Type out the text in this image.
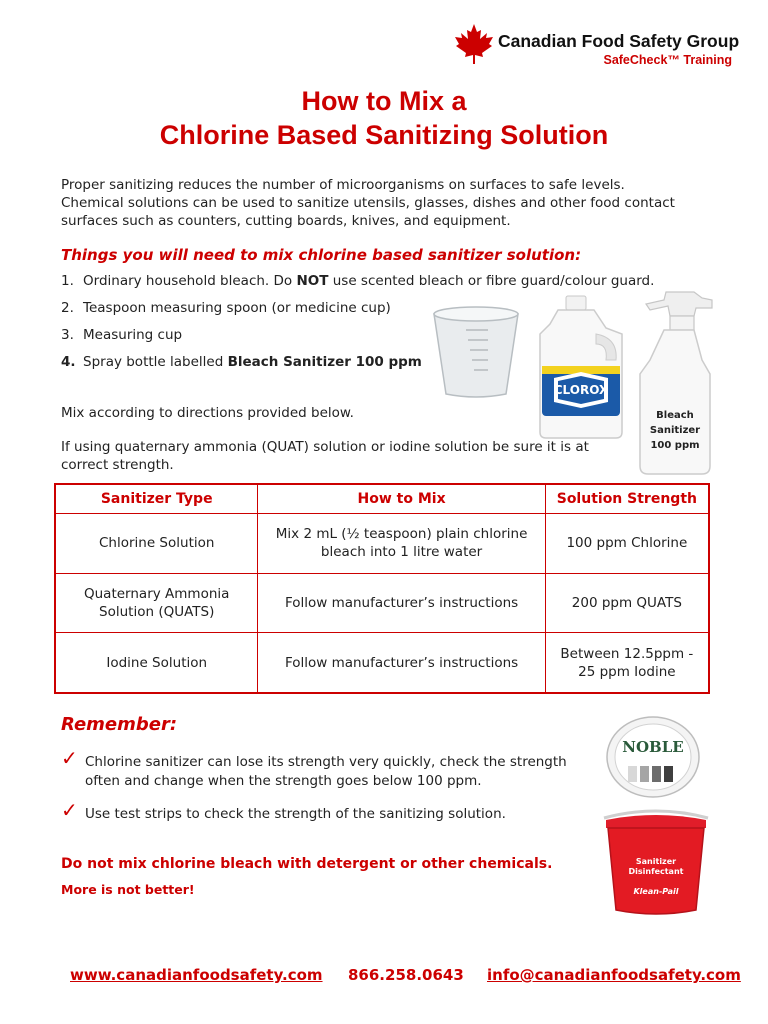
Canadian Food Safety Group
SafeCheck™ Training
How to Mix a
Chlorine Based Sanitizing Solution
Proper sanitizing reduces the number of microorganisms on surfaces to safe levels. Chemical solutions can be used to sanitize utensils, glasses, dishes and other food contact surfaces such as counters, cutting boards, knives, and equipment.
Things you will need to mix chlorine based sanitizer solution:
1. Ordinary household bleach. Do NOT use scented bleach or fibre guard/colour guard.
2. Teaspoon measuring spoon (or medicine cup)
3. Measuring cup
4. Spray bottle labelled Bleach Sanitizer 100 ppm
CLOROX
Bleach
Sanitizer
100 ppm
Mix according to directions provided below.
If using quaternary ammonia (QUAT) solution or iodine solution be sure it is at correct strength.
Sanitizer Type	How to Mix	Solution Strength
Chlorine Solution	Mix 2 mL (½ teaspoon) plain chlorine bleach into 1 litre water	100 ppm Chlorine
Quaternary Ammonia Solution (QUATS)	Follow manufacturer’s instructions	200 ppm QUATS
Iodine Solution	Follow manufacturer’s instructions	Between 12.5ppm - 25 ppm Iodine
Remember:
✓ Chlorine sanitizer can lose its strength very quickly, check the strength often and change when the strength goes below 100 ppm.
✓ Use test strips to check the strength of the sanitizing solution.
NOBLE
Sanitizer
Disinfectant
Klean-Pail
Do not mix chlorine bleach with detergent or other chemicals.
More is not better!
www.canadianfoodsafety.com 866.258.0643 info@canadianfoodsafety.com
